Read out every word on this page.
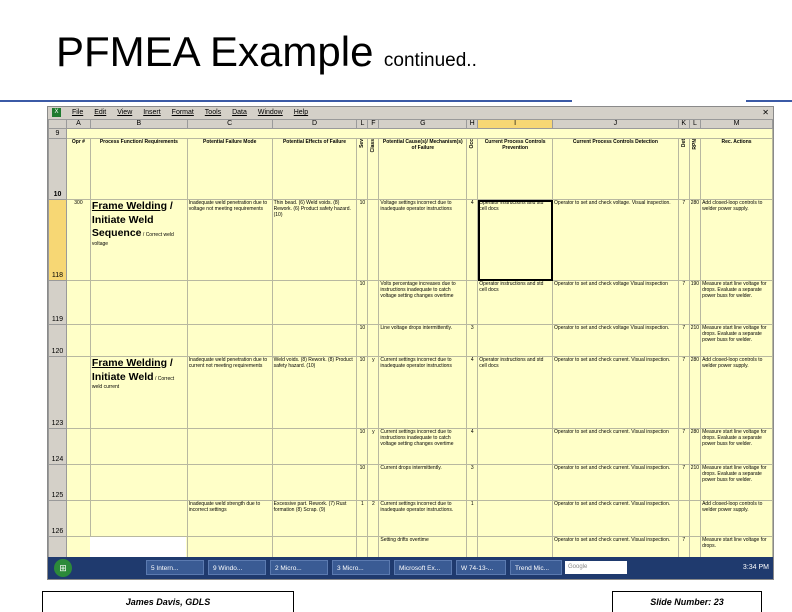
PFMEA Example continued..
X File Edit View Insert Format Tools Data Window Help	✕
	A	B	C	D	L	F	G	H	I	J	K	L	M
9													
10	Opr #	Process Function/ Requirements	Potential Failure Mode	Potential Effects of Failure	Sev	Class	Potential Cause(s)/ Mechanism(s) of Failure	Occ	Current Process Controls Prevention	Current Process Controls Detection	Det	RPN	Rec. Actions
118	300	Frame Welding / Initiate Weld Sequence / Correct weld voltage	Inadequate weld penetration due to voltage not meeting requirements	Thin bead. (6) Weld voids. (8) Rework. (6) Product safety hazard. (10)	10		Voltage settings incorrect due to inadequate operator instructions	4	Operator instructions and std cell docs	Operator to set and check voltage. Visual inspection.	7	280	Add closed-loop controls to welder power supply.
119					10		Volts percentage increases due to instructions inadequate to catch voltage setting changes overtime		Operator instructions and std cell docs	Operator to set and check voltage Visual inspection	7	190	Measure start line voltage for drops. Evaluate a separate power buss for welder.
120					10		Line voltage drops intermittently.	3		Operator to set and check voltage Visual inspection.	7	210	Measure start line voltage for drops. Evaluate a separate power buss for welder.
123		Frame Welding / Initiate Weld / Correct weld current	Inadequate weld penetration due to current not meeting requirements	Weld voids. (8) Rework. (8) Product safety hazard. (10)	10	y	Current settings incorrect due to inadequate operator instructions	4	Operator instructions and std cell docs	Operator to set and check current. Visual inspection.	7	280	Add closed-loop controls to welder power supply.
124					10	y	Current settings incorrect due to instructions inadequate to catch voltage setting changes overtime	4		Operator to set and check current. Visual inspection	7	280	Measure start line voltage for drops. Evaluate a separate power buss for welder.
125					10		Current drops intermittently.	3		Operator to set and check current. Visual inspection.	7	210	Measure start line voltage for drops. Evaluate a separate power buss for welder.
126			Inadequate weld strength due to incorrect settings	Excessive part. Rework. (7) Rust formation (8) Scrap. (9)	1	2	Current settings incorrect due to inadequate operator instructions.	1		Operator to set and check current. Visual inspection.			Add closed-loop controls to welder power supply.
							Setting drifts overtime			Operator to set and check current. Visual inspection.	7		Measure start line voltage for drops.
⊞	5 Intern...	9 Windo...	2 Micro...	3 Micro...	Microsoft Ex...	W 74-13-...	Trend Mic...	Google	3:34 PM
James Davis, GDLS	Slide Number: 23
